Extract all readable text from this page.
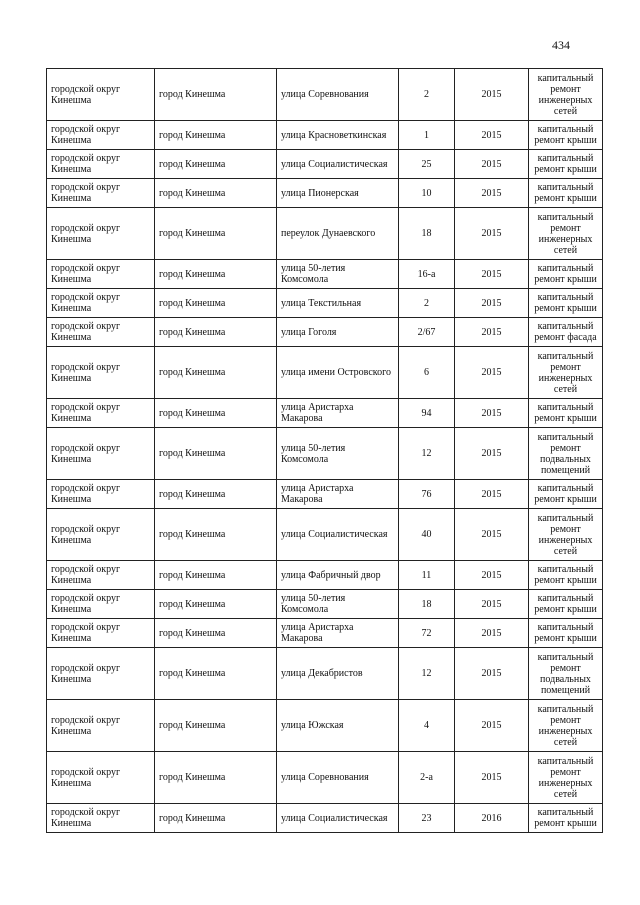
434
городской округ Кинешма	город Кинешма	улица Соревнования	2	2015	капитальный ремонт инженерных сетей
городской округ Кинешма	город Кинешма	улица Красноветкинская	1	2015	капитальный ремонт крыши
городской округ Кинешма	город Кинешма	улица Социалистическая	25	2015	капитальный ремонт крыши
городской округ Кинешма	город Кинешма	улица Пионерская	10	2015	капитальный ремонт крыши
городской округ Кинешма	город Кинешма	переулок Дунаевского	18	2015	капитальный ремонт инженерных сетей
городской округ Кинешма	город Кинешма	улица 50-летия Комсомола	16-а	2015	капитальный ремонт крыши
городской округ Кинешма	город Кинешма	улица Текстильная	2	2015	капитальный ремонт крыши
городской округ Кинешма	город Кинешма	улица Гоголя	2/67	2015	капитальный ремонт фасада
городской округ Кинешма	город Кинешма	улица имени Островского	6	2015	капитальный ремонт инженерных сетей
городской округ Кинешма	город Кинешма	улица Аристарха Макарова	94	2015	капитальный ремонт крыши
городской округ Кинешма	город Кинешма	улица 50-летия Комсомола	12	2015	капитальный ремонт подвальных помещений
городской округ Кинешма	город Кинешма	улица Аристарха Макарова	76	2015	капитальный ремонт крыши
городской округ Кинешма	город Кинешма	улица Социалистическая	40	2015	капитальный ремонт инженерных сетей
городской округ Кинешма	город Кинешма	улица Фабричный двор	11	2015	капитальный ремонт крыши
городской округ Кинешма	город Кинешма	улица 50-летия Комсомола	18	2015	капитальный ремонт крыши
городской округ Кинешма	город Кинешма	улица Аристарха Макарова	72	2015	капитальный ремонт крыши
городской округ Кинешма	город Кинешма	улица Декабристов	12	2015	капитальный ремонт подвальных помещений
городской округ Кинешма	город Кинешма	улица Южская	4	2015	капитальный ремонт инженерных сетей
городской округ Кинешма	город Кинешма	улица Соревнования	2-а	2015	капитальный ремонт инженерных сетей
городской округ Кинешма	город Кинешма	улица Социалистическая	23	2016	капитальный ремонт крыши
